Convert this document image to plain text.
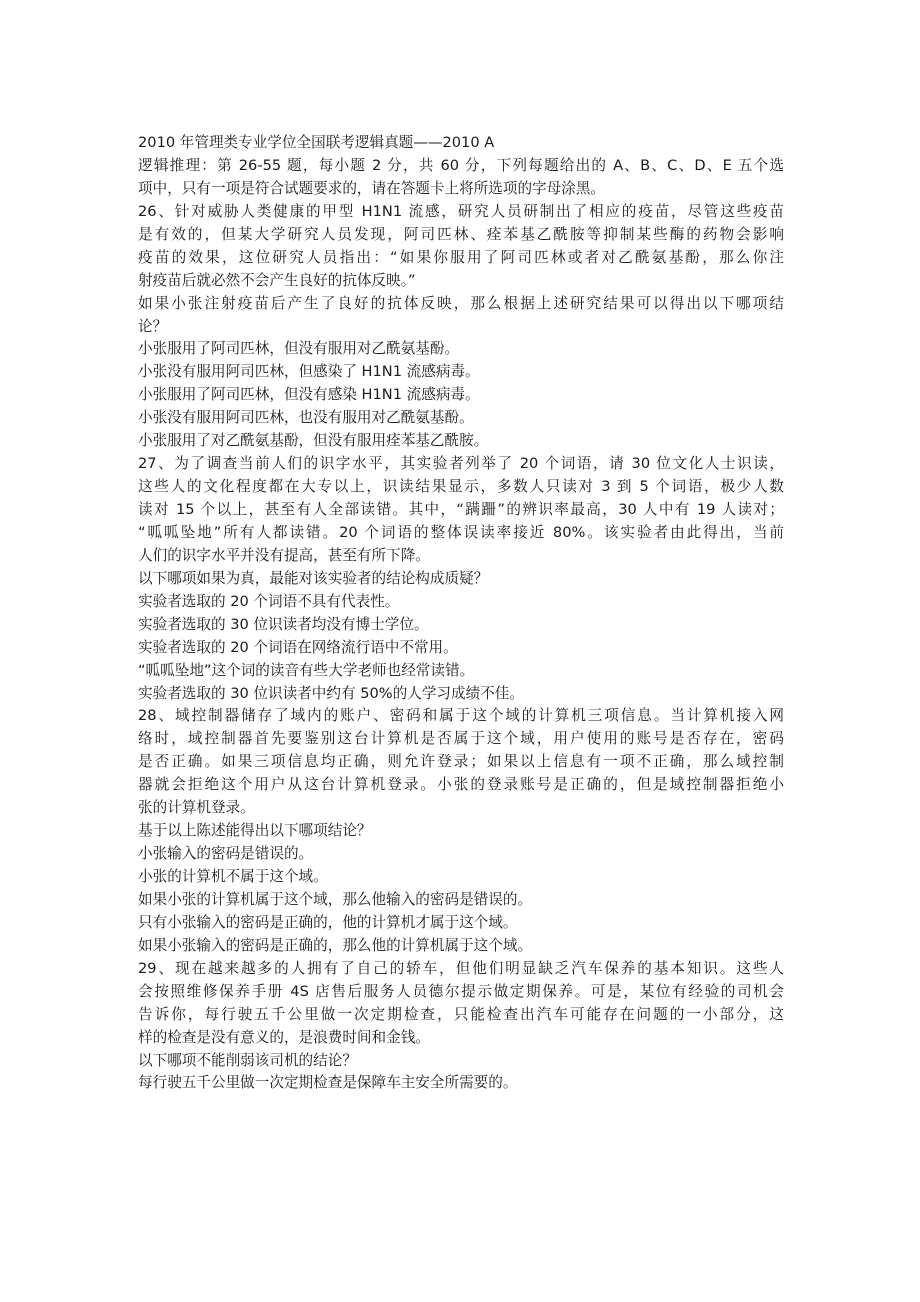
2010 年管理类专业学位全国联考逻辑真题——2010 A
逻辑推理：第 26-55 题，每小题 2 分，共 60 分，下列每题给出的 A、B、C、D、E 五个选
项中，只有一项是符合试题要求的，请在答题卡上将所选项的字母涂黑。
26、针对威胁人类健康的甲型 H1N1 流感，研究人员研制出了相应的疫苗，尽管这些疫苗
是有效的，但某大学研究人员发现，阿司匹林、痊苯基乙酰胺等抑制某些酶的药物会影响
疫苗的效果，这位研究人员指出：“如果你服用了阿司匹林或者对乙酰氨基酚，那么你注
射疫苗后就必然不会产生良好的抗体反映。”
如果小张注射疫苗后产生了良好的抗体反映，那么根据上述研究结果可以得出以下哪项结
论？
小张服用了阿司匹林，但没有服用对乙酰氨基酚。
小张没有服用阿司匹林，但感染了 H1N1 流感病毒。
小张服用了阿司匹林，但没有感染 H1N1 流感病毒。
小张没有服用阿司匹林，也没有服用对乙酰氨基酚。
小张服用了对乙酰氨基酚，但没有服用痊苯基乙酰胺。
27、为了调查当前人们的识字水平，其实验者列举了 20 个词语，请 30 位文化人士识读，
这些人的文化程度都在大专以上，识读结果显示，多数人只读对 3 到 5 个词语，极少人数
读对 15 个以上，甚至有人全部读错。其中，“蹒跚”的辨识率最高，30 人中有 19 人读对；
“呱呱坠地”所有人都读错。20 个词语的整体误读率接近 80%。该实验者由此得出，当前
人们的识字水平并没有提高，甚至有所下降。
以下哪项如果为真，最能对该实验者的结论构成质疑？
实验者选取的 20 个词语不具有代表性。
实验者选取的 30 位识读者均没有博士学位。
实验者选取的 20 个词语在网络流行语中不常用。
“呱呱坠地”这个词的读音有些大学老师也经常读错。
实验者选取的 30 位识读者中约有 50%的人学习成绩不佳。
28、域控制器储存了域内的账户、密码和属于这个域的计算机三项信息。当计算机接入网
络时，域控制器首先要鉴别这台计算机是否属于这个域，用户使用的账号是否存在，密码
是否正确。如果三项信息均正确，则允许登录；如果以上信息有一项不正确，那么域控制
器就会拒绝这个用户从这台计算机登录。小张的登录账号是正确的，但是域控制器拒绝小
张的计算机登录。
基于以上陈述能得出以下哪项结论？
小张输入的密码是错误的。
小张的计算机不属于这个域。
如果小张的计算机属于这个域，那么他输入的密码是错误的。
只有小张输入的密码是正确的，他的计算机才属于这个域。
如果小张输入的密码是正确的，那么他的计算机属于这个域。
29、现在越来越多的人拥有了自己的轿车，但他们明显缺乏汽车保养的基本知识。这些人
会按照维修保养手册 4S 店售后服务人员德尔提示做定期保养。可是，某位有经验的司机会
告诉你，每行驶五千公里做一次定期检查，只能检查出汽车可能存在问题的一小部分，这
样的检查是没有意义的，是浪费时间和金钱。
以下哪项不能削弱该司机的结论？
每行驶五千公里做一次定期检查是保障车主安全所需要的。
